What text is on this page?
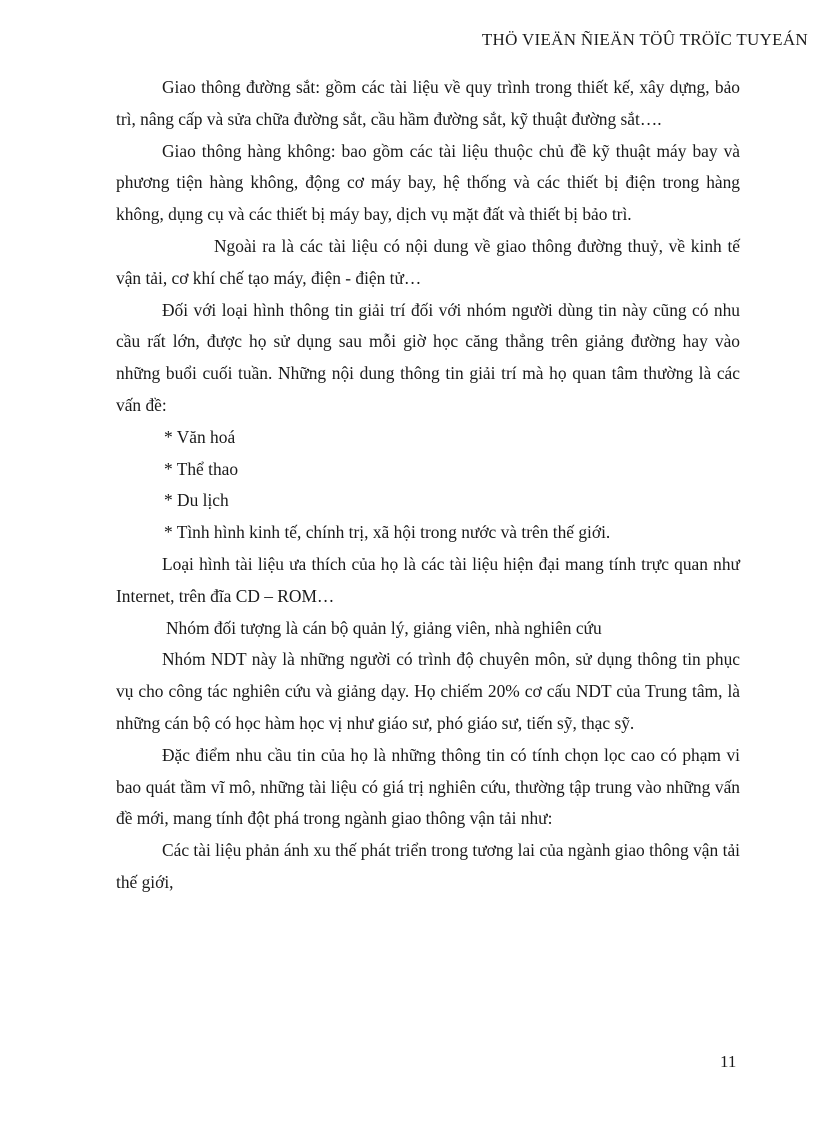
THÖ VIEÄN ÑIEÄN TÖÛ TRÖÏC TUYEÁN

Giao thông đường sắt: gồm các tài liệu về quy trình trong thiết kế, xây dựng, bảo trì, nâng cấp và sửa chữa đường sắt, cầu hầm đường sắt, kỹ thuật đường sắt….

Giao thông hàng không: bao gồm các tài liệu thuộc chủ đề kỹ thuật máy bay và phương tiện hàng không, động cơ máy bay, hệ thống và các thiết bị điện trong hàng không, dụng cụ và các thiết bị máy bay, dịch vụ mặt đất và thiết bị bảo trì.

Ngoài ra là các tài liệu có nội dung về giao thông đường thuỷ, về kinh tế vận tải, cơ khí chế tạo máy, điện - điện tử…

Đối với loại hình thông tin giải trí đối với nhóm người dùng tin này cũng có nhu cầu rất lớn, được họ sử dụng sau mỗi giờ học căng thẳng trên giảng đường hay vào những buổi cuối tuần. Những nội dung thông tin giải trí mà họ quan tâm thường là các vấn đề:

* Văn hoá

* Thể thao

* Du lịch

* Tình hình kinh tế, chính trị, xã hội trong nước và trên thế giới.

Loại hình tài liệu ưa thích của họ là các tài liệu hiện đại mang tính trực quan như Internet, trên đĩa CD – ROM…

Nhóm đối tượng là cán bộ quản lý, giảng viên, nhà nghiên cứu

Nhóm NDT này là những người có trình độ chuyên môn, sử dụng thông tin phục vụ cho công tác nghiên cứu và giảng dạy. Họ chiếm 20% cơ cấu NDT của Trung tâm, là những cán bộ có học hàm học vị như giáo sư, phó giáo sư, tiến sỹ, thạc sỹ.

Đặc điểm nhu cầu tin của họ là những thông tin có tính chọn lọc cao có phạm vi bao quát tầm vĩ mô, những tài liệu có giá trị nghiên cứu, thường tập trung vào những vấn đề mới, mang tính đột phá trong ngành giao thông vận tải như:

Các tài liệu phản ánh xu thế phát triển trong tương lai của ngành giao thông vận tải thế giới,

11
